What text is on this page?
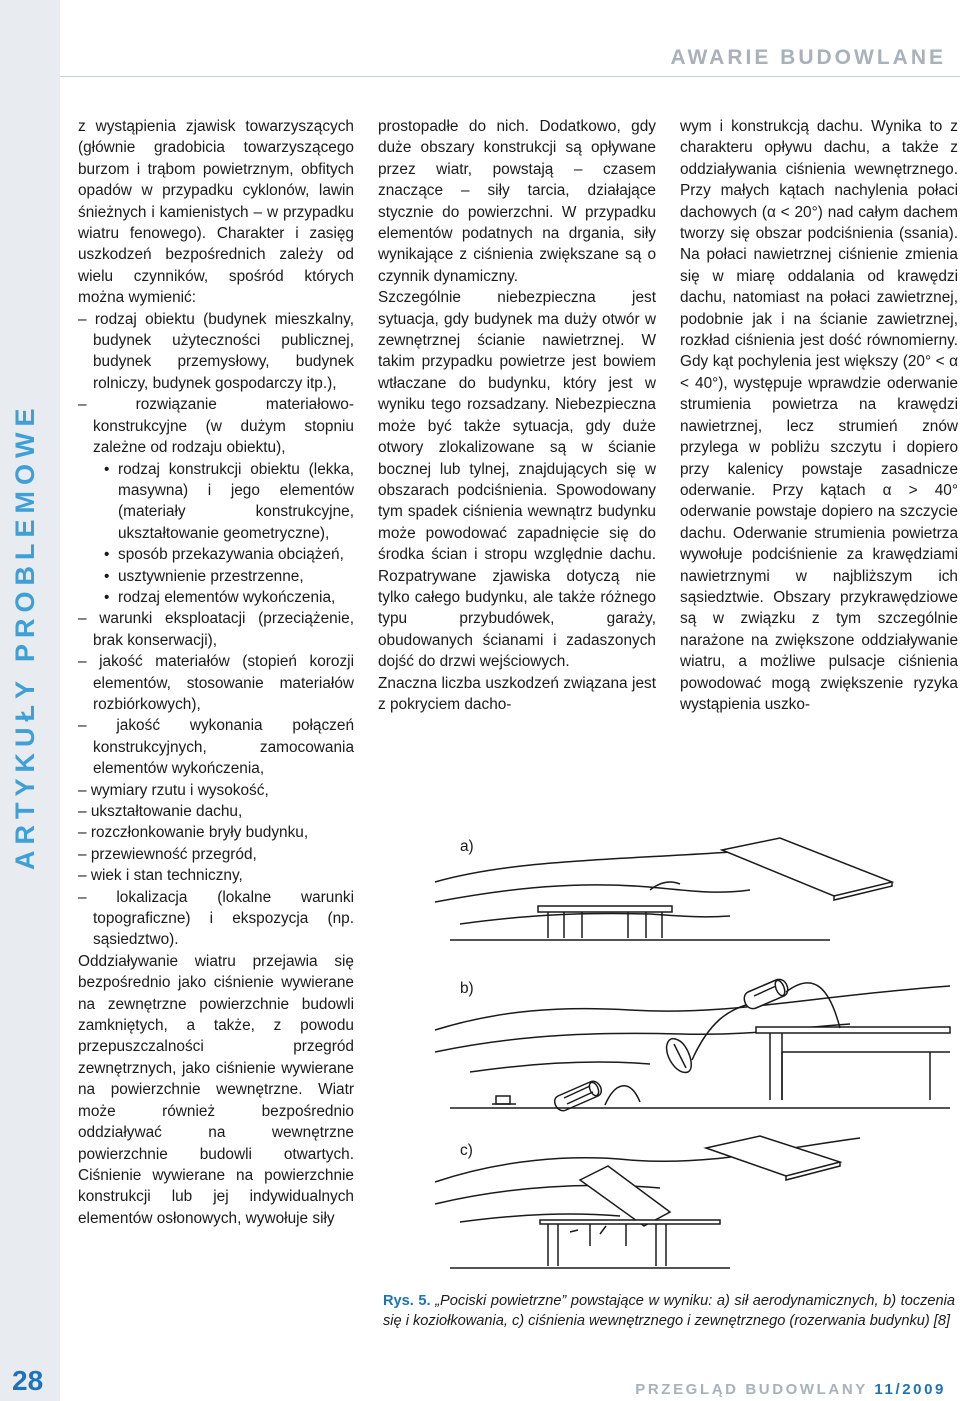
ARTYKUŁY PROBLEMOWE
28
AWARIE BUDOWLANE

z wystąpienia zjawisk towarzyszących (głównie gradobicia towarzyszącego burzom i trąbom powietrznym, obfitych opadów w przypadku cyklonów, lawin śnieżnych i kamienistych – w przypadku wiatru fenowego). Charakter i zasięg uszkodzeń bezpośrednich zależy od wielu czynników, spośród których można wymienić:

– rodzaj obiektu (budynek mieszkalny, budynek użyteczności publicznej, budynek przemysłowy, budynek rolniczy, budynek gospodarczy itp.),

– rozwiązanie materiałowo-konstrukcyjne (w dużym stopniu zależne od rodzaju obiektu),

• rodzaj konstrukcji obiektu (lekka, masywna) i jego elementów (materiały konstrukcyjne, ukształtowanie geometryczne),

• sposób przekazywania obciążeń,

• usztywnienie przestrzenne,

• rodzaj elementów wykończenia,

– warunki eksploatacji (przeciążenie, brak konserwacji),

– jakość materiałów (stopień korozji elementów, stosowanie materiałów rozbiórkowych),

– jakość wykonania połączeń konstrukcyjnych, zamocowania elementów wykończenia,

– wymiary rzutu i wysokość,

– ukształtowanie dachu,

– rozczłonkowanie bryły budynku,

– przewiewność przegród,

– wiek i stan techniczny,

– lokalizacja (lokalne warunki topograficzne) i ekspozycja (np. sąsiedztwo).

Oddziaływanie wiatru przejawia się bezpośrednio jako ciśnienie wywierane na zewnętrzne powierzchnie budowli zamkniętych, a także, z powodu przepuszczalności przegród zewnętrznych, jako ciśnienie wywierane na powierzchnie wewnętrzne. Wiatr może również bezpośrednio oddziaływać na wewnętrzne powierzchnie budowli otwartych. Ciśnienie wywierane na powierzchnie konstrukcji lub jej indywidualnych elementów osłonowych, wywołuje siły

prostopadłe do nich. Dodatkowo, gdy duże obszary konstrukcji są opływane przez wiatr, powstają – czasem znaczące – siły tarcia, działające stycznie do powierzchni. W przypadku elementów podatnych na drgania, siły wynikające z ciśnienia zwiększane są o czynnik dynamiczny.

Szczególnie niebezpieczna jest sytuacja, gdy budynek ma duży otwór w zewnętrznej ścianie nawietrznej. W takim przypadku powietrze jest bowiem wtłaczane do budynku, który jest w wyniku tego rozsadzany. Niebezpieczna może być także sytuacja, gdy duże otwory zlokalizowane są w ścianie bocznej lub tylnej, znajdujących się w obszarach podciśnienia. Spowodowany tym spadek ciśnienia wewnątrz budynku może powodować zapadnięcie się do środka ścian i stropu względnie dachu. Rozpatrywane zjawiska dotyczą nie tylko całego budynku, ale także różnego typu przybudówek, garaży, obudowanych ścianami i zadaszonych dojść do drzwi wejściowych.

Znaczna liczba uszkodzeń związana jest z pokryciem dacho-

wym i konstrukcją dachu. Wynika to z charakteru opływu dachu, a także z oddziaływania ciśnienia wewnętrznego. Przy małych kątach nachylenia połaci dachowych (α < 20°) nad całym dachem tworzy się obszar podciśnienia (ssania). Na połaci nawietrznej ciśnienie zmienia się w miarę oddalania od krawędzi dachu, natomiast na połaci zawietrznej, podobnie jak i na ścianie zawietrznej, rozkład ciśnienia jest dość równomierny. Gdy kąt pochylenia jest większy (20° < α < 40°), występuje wprawdzie oderwanie strumienia powietrza na krawędzi nawietrznej, lecz strumień znów przylega w pobliżu szczytu i dopiero przy kalenicy powstaje zasadnicze oderwanie. Przy kątach α > 40° oderwanie powstaje dopiero na szczycie dachu. Oderwanie strumienia powietrza wywołuje podciśnienie za krawędziami nawietrznymi w najbliższym ich sąsiedztwie. Obszary przykrawędziowe są w związku z tym szczególnie narażone na zwiększone oddziaływanie wiatru, a możliwe pulsacje ciśnienia powodować mogą zwiększenie ryzyka wystąpienia uszko-

a)
b)
c)
Rys. 5. „Pociski powietrzne” powstające w wyniku: a) sił aerodynamicznych, b) toczenia się i koziołkowania, c) ciśnienia wewnętrznego i zewnętrznego (rozerwania budynku) [8]
PRZEGLĄD BUDOWLANY 11/2009
